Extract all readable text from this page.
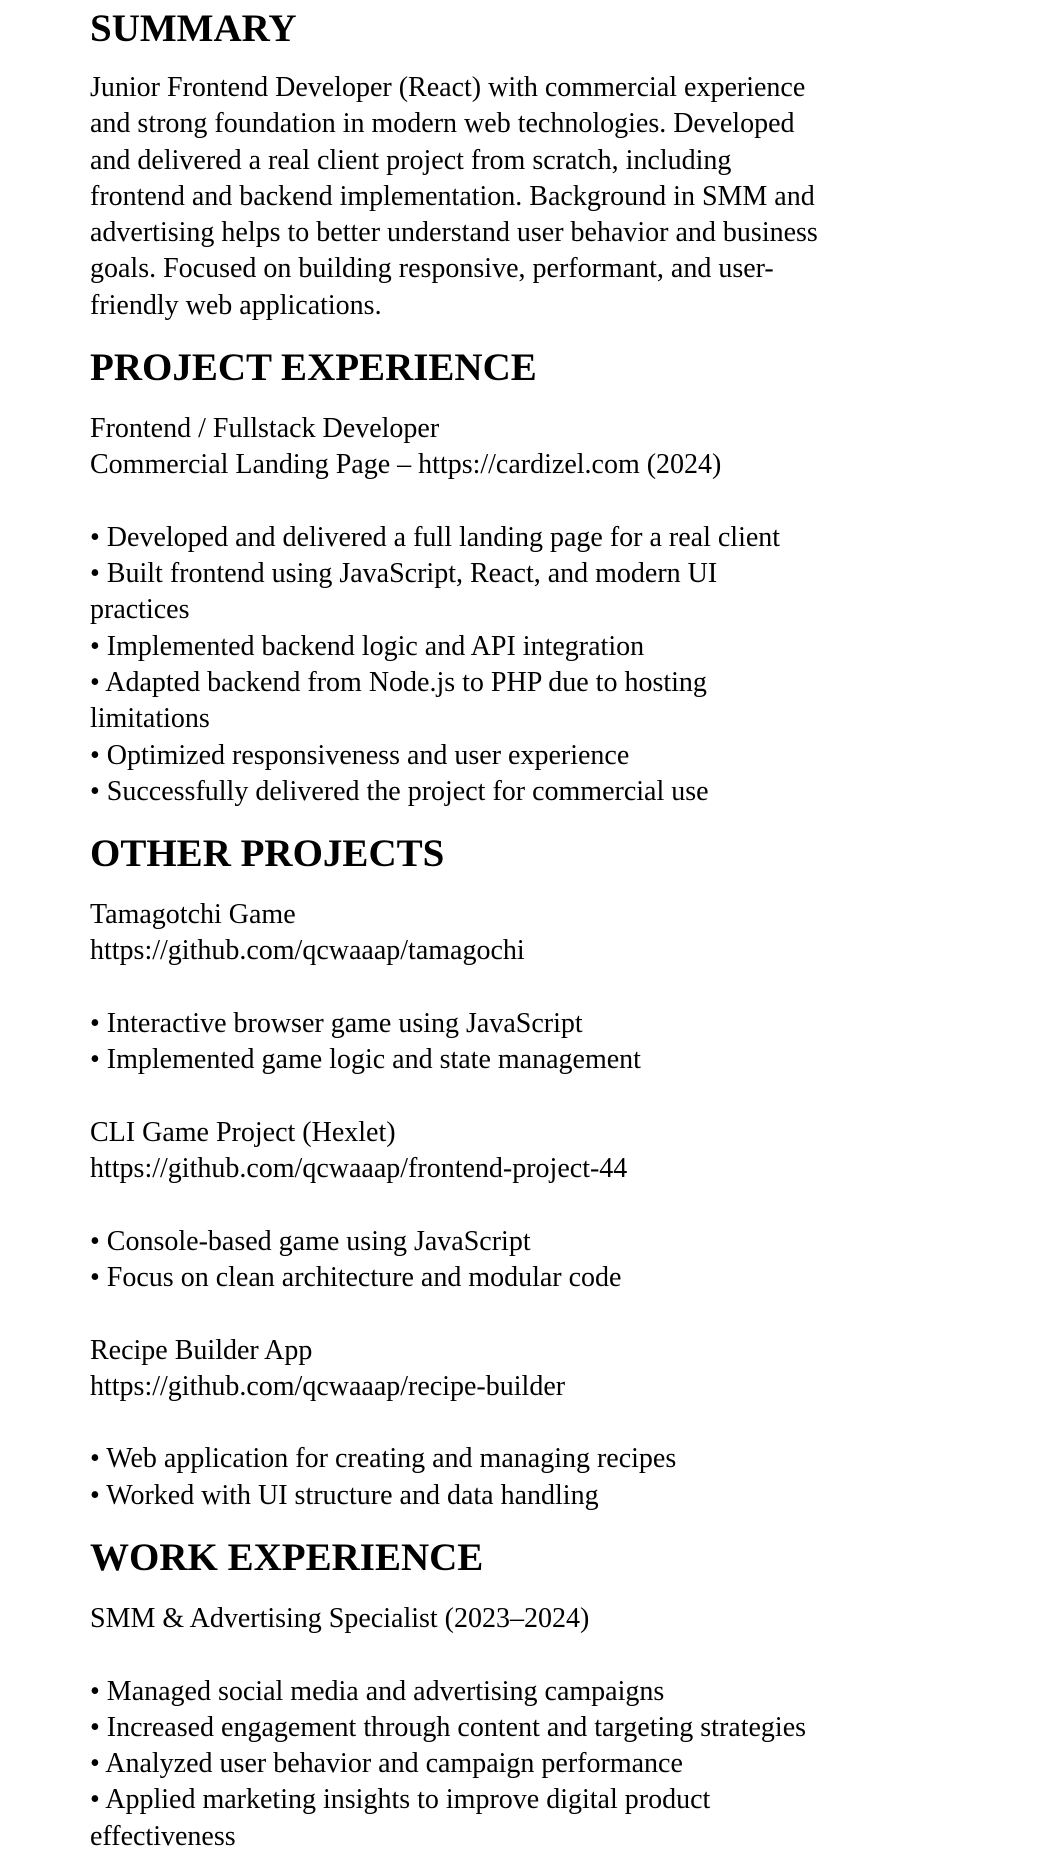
SUMMARY
Junior Frontend Developer (React) with commercial experience
and strong foundation in modern web technologies. Developed
and delivered a real client project from scratch, including
frontend and backend implementation. Background in SMM and
advertising helps to better understand user behavior and business
goals. Focused on building responsive, performant, and user-
friendly web applications.
PROJECT EXPERIENCE
Frontend / Fullstack Developer
Commercial Landing Page – https://cardizel.com (2024)
• Developed and delivered a full landing page for a real client
• Built frontend using JavaScript, React, and modern UI
practices
• Implemented backend logic and API integration
• Adapted backend from Node.js to PHP due to hosting
limitations
• Optimized responsiveness and user experience
• Successfully delivered the project for commercial use
OTHER PROJECTS
Tamagotchi Game
https://github.com/qcwaaap/tamagochi
• Interactive browser game using JavaScript
• Implemented game logic and state management
CLI Game Project (Hexlet)
https://github.com/qcwaaap/frontend-project-44
• Console-based game using JavaScript
• Focus on clean architecture and modular code
Recipe Builder App
https://github.com/qcwaaap/recipe-builder
• Web application for creating and managing recipes
• Worked with UI structure and data handling
WORK EXPERIENCE
SMM & Advertising Specialist (2023–2024)
• Managed social media and advertising campaigns
• Increased engagement through content and targeting strategies
• Analyzed user behavior and campaign performance
• Applied marketing insights to improve digital product
effectiveness
